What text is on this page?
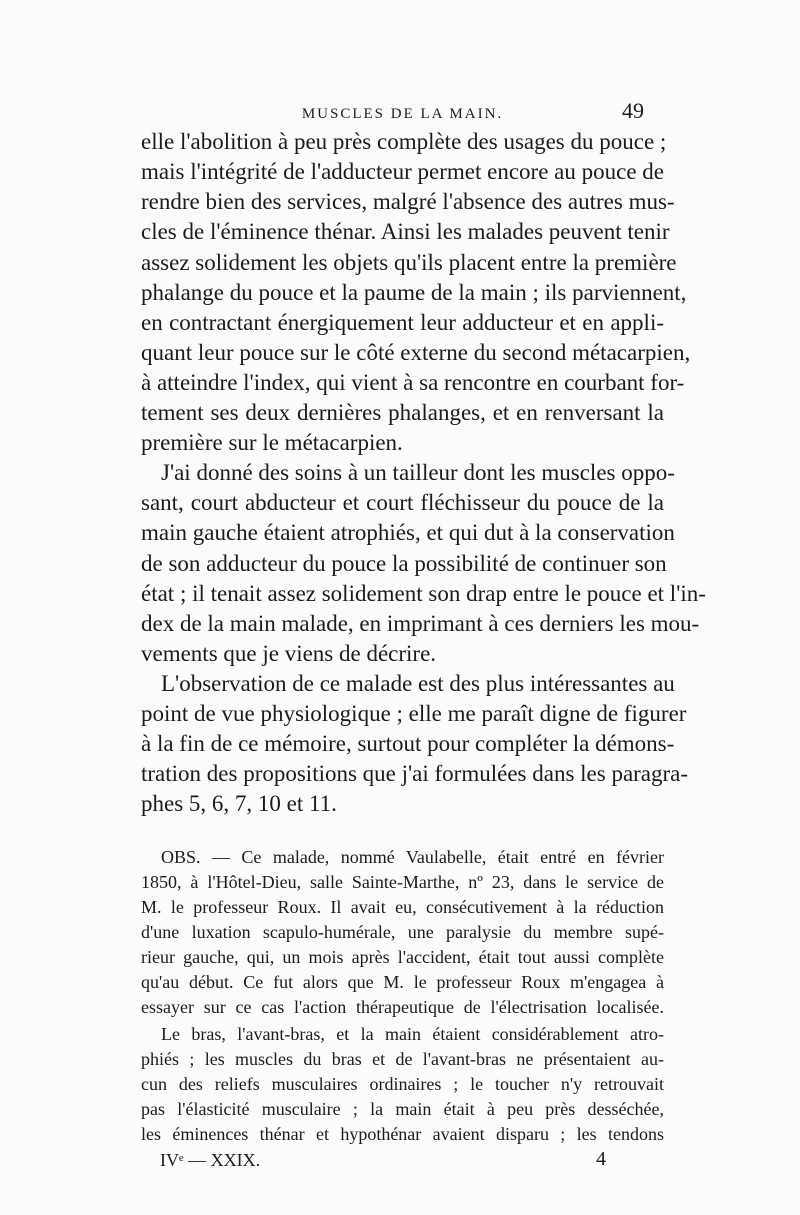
MUSCLES DE LA MAIN.	49
elle l'abolition à peu près complète des usages du pouce ;
mais l'intégrité de l'adducteur permet encore au pouce de
rendre bien des services, malgré l'absence des autres mus-
cles de l'éminence thénar. Ainsi les malades peuvent tenir
assez solidement les objets qu'ils placent entre la première
phalange du pouce et la paume de la main ; ils parviennent,
en contractant énergiquement leur adducteur et en appli-
quant leur pouce sur le côté externe du second métacarpien,
à atteindre l'index, qui vient à sa rencontre en courbant for-
tement ses deux dernières phalanges, et en renversant la
première sur le métacarpien.
J'ai donné des soins à un tailleur dont les muscles oppo-
sant, court abducteur et court fléchisseur du pouce de la
main gauche étaient atrophiés, et qui dut à la conservation
de son adducteur du pouce la possibilité de continuer son
état ; il tenait assez solidement son drap entre le pouce et l'in-
dex de la main malade, en imprimant à ces derniers les mou-
vements que je viens de décrire.
L'observation de ce malade est des plus intéressantes au
point de vue physiologique ; elle me paraît digne de figurer
à la fin de ce mémoire, surtout pour compléter la démons-
tration des propositions que j'ai formulées dans les paragra-
phes 5, 6, 7, 10 et 11.
OBS. — Ce malade, nommé Vaulabelle, était entré en février
1850, à l'Hôtel-Dieu, salle Sainte-Marthe, nº 23, dans le service de
M. le professeur Roux. Il avait eu, consécutivement à la réduction
d'une luxation scapulo-humérale, une paralysie du membre supé-
rieur gauche, qui, un mois après l'accident, était tout aussi complète
qu'au début. Ce fut alors que M. le professeur Roux m'engagea à
essayer sur ce cas l'action thérapeutique de l'électrisation localisée.
Le bras, l'avant-bras, et la main étaient considérablement atro-
phiés ; les muscles du bras et de l'avant-bras ne présentaient au-
cun des reliefs musculaires ordinaires ; le toucher n'y retrouvait
pas l'élasticité musculaire ; la main était à peu près desséchée,
les éminences thénar et hypothénar avaient disparu ; les tendons
IVᵉ — XXIX.	4
